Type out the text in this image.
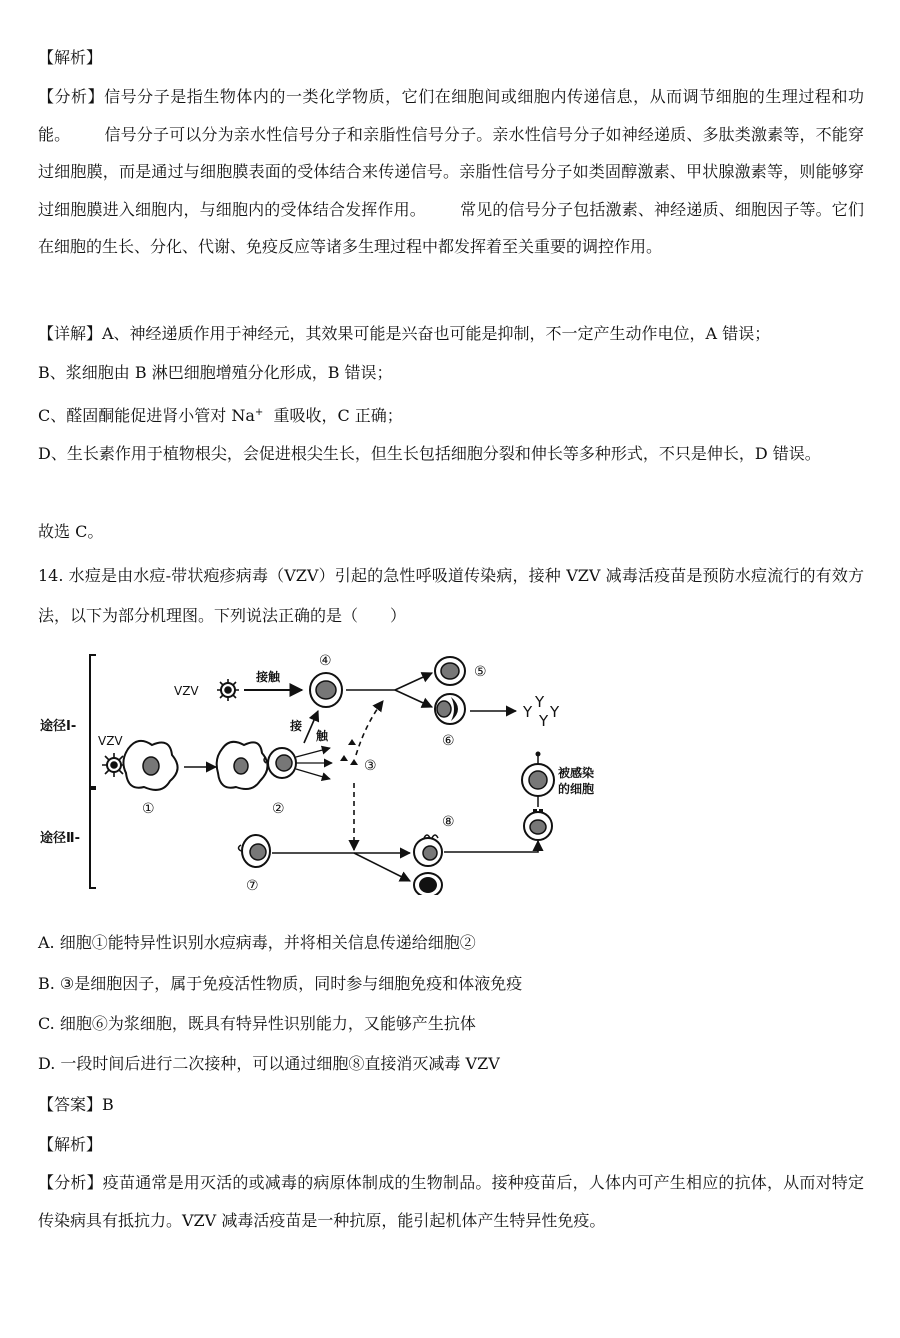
【解析】
【分析】信号分子是指生物体内的一类化学物质，它们在细胞间或细胞内传递信息，从而调节细胞的生理过程和功能。 信号分子可以分为亲水性信号分子和亲脂性信号分子。亲水性信号分子如神经递质、多肽类激素等，不能穿过细胞膜，而是通过与细胞膜表面的受体结合来传递信号。亲脂性信号分子如类固醇激素、甲状腺激素等，则能够穿过细胞膜进入细胞内，与细胞内的受体结合发挥作用。 常见的信号分子包括激素、神经递质、细胞因子等。它们在细胞的生长、分化、代谢、免疫反应等诸多生理过程中都发挥着至关重要的调控作用。
【详解】A、神经递质作用于神经元，其效果可能是兴奋也可能是抑制，不一定产生动作电位，A 错误；
B、浆细胞由 B 淋巴细胞增殖分化形成，B 错误；
C、醛固酮能促进肾小管对 Na+  重吸收，C 正确；
D、生长素作用于植物根尖，会促进根尖生长，但生长包括细胞分裂和伸长等多种形式，不只是伸长，D 错误。
故选 C。
14. 水痘是由水痘-带状疱疹病毒（VZV）引起的急性呼吸道传染病，接种 VZV 减毒活疫苗是预防水痘流行的有效方法，以下为部分机理图。下列说法正确的是（　　）
途径Ⅰ-
途径Ⅱ-
VZV
接触
④
接
触
⑤
⑥
Y
Y
Y Y
VZV
①	②
③
⑦
⑧
被感染
的细胞
A. 细胞①能特异性识别水痘病毒，并将相关信息传递给细胞②
B. ③是细胞因子，属于免疫活性物质，同时参与细胞免疫和体液免疫
C. 细胞⑥为浆细胞，既具有特异性识别能力，又能够产生抗体
D. 一段时间后进行二次接种，可以通过细胞⑧直接消灭减毒 VZV
【答案】B
【解析】
【分析】疫苗通常是用灭活的或减毒的病原体制成的生物制品。接种疫苗后，人体内可产生相应的抗体，从而对特定传染病具有抵抗力。VZV 减毒活疫苗是一种抗原，能引起机体产生特异性免疫。
